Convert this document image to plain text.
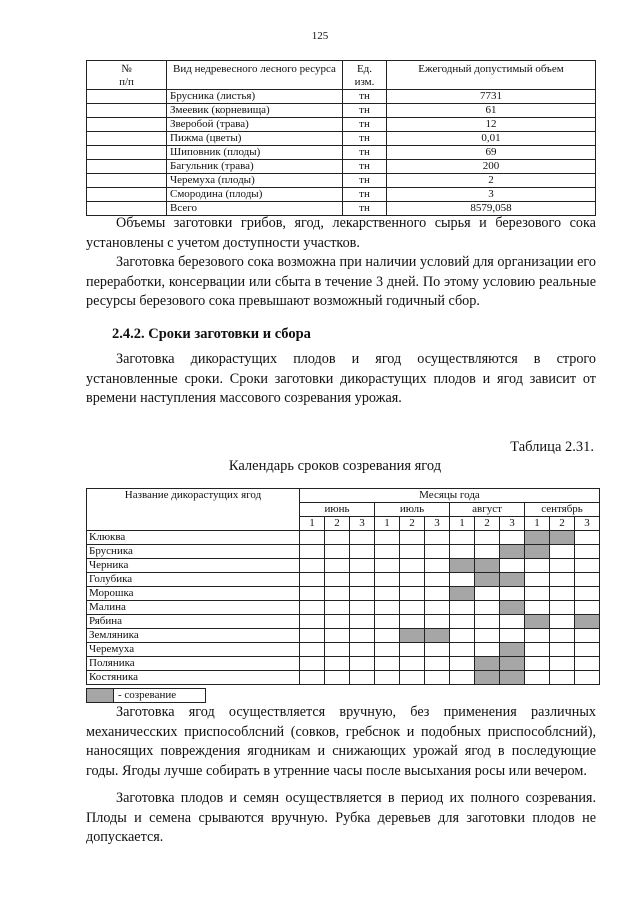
125
№
п/п	Вид недревесного лесного ресурса	Ед. изм.	Ежегодный допустимый объем
	Брусника (листья)	тн	7731
	Змеевик (корневища)	тн	61
	Зверобой (трава)	тн	12
	Пижма (цветы)	тн	0,01
	Шиповник (плоды)	тн	69
	Багульник (трава)	тн	200
	Черемуха (плоды)	тн	2
	Смородина (плоды)	тн	3
	Всего	тн	8579,058

Объемы заготовки грибов, ягод, лекарственного сырья и березового сока установлены с учетом доступности участков.

Заготовка березового сока возможна при наличии условий для организации его переработки, консервации или сбыта в течение 3 дней. По этому условию реальные ресурсы березового сока превышают возможный годичный сбор.

2.4.2. Сроки заготовки и сбора

Заготовка дикорастущих плодов и ягод осуществляются в строго установленные сроки. Сроки заготовки дикорастущих плодов и ягод зависит от времени наступления массового созревания урожая.

Таблица 2.31.
Календарь сроков созревания ягод
Название дикорастущих ягод	Месяцы года											
	июнь			июль			август			сентябрь		
	1	2	3	1	2	3	1	2	3	1	2	3
Клюква												
Брусника												
Черника												
Голубика												
Морошка												
Малина												
Рябина												
Земляника												
Черемуха												
Поляника												
Костяника												
- созревание

Заготовка ягод осуществляется вручную, без применения различных механичесских приспособлсний (совков, гребснок и подобных приспособлсний), наносящих повреждения ягодникам и снижающих урожай ягод в последующие годы. Ягоды лучше собирать в утренние часы после высыхания росы или вечером.

Заготовка плодов и семян осуществляется в период их полного созревания. Плоды и семена срываются вручную. Рубка деревьев для заготовки плодов не допускается.
